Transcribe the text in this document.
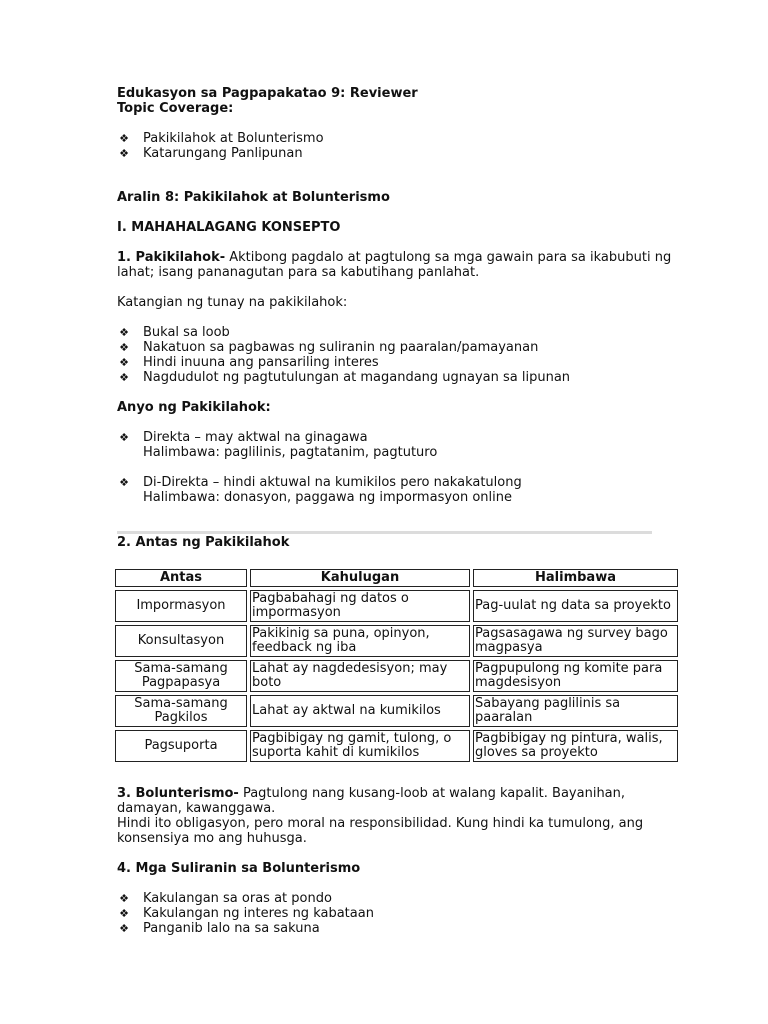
Edukasyon sa Pagpapakatao 9: Reviewer
Topic Coverage:
❖ Pakikilahok at Bolunterismo
❖ Katarungang Panlipunan
Aralin 8: Pakikilahok at Bolunterismo
I. MAHAHALAGANG KONSEPTO
1. Pakikilahok- Aktibong pagdalo at pagtulong sa mga gawain para sa ikabubuti ng
lahat; isang pananagutan para sa kabutihang panlahat.
Katangian ng tunay na pakikilahok:
❖ Bukal sa loob
❖ Nakatuon sa pagbawas ng suliranin ng paaralan/pamayanan
❖ Hindi inuuna ang pansariling interes
❖ Nagdudulot ng pagtutulungan at magandang ugnayan sa lipunan
Anyo ng Pakikilahok:
❖ Direkta – may aktwal na ginagawa
Halimbawa: paglilinis, pagtatanim, pagtuturo
❖ Di-Direkta – hindi aktuwal na kumikilos pero nakakatulong
Halimbawa: donasyon, paggawa ng impormasyon online
2. Antas ng Pakikilahok
Antas	Kahulugan	Halimbawa
Impormasyon	Pagbabahagi ng datos o impormasyon	Pag-uulat ng data sa proyekto
Konsultasyon	Pakikinig sa puna, opinyon, feedback ng iba	Pagsasagawa ng survey bago magpasya
Sama-samang Pagpapasya	Lahat ay nagdedesisyon; may boto	Pagpupulong ng komite para magdesisyon
Sama-samang Pagkilos	Lahat ay aktwal na kumikilos	Sabayang paglilinis sa paaralan
Pagsuporta	Pagbibigay ng gamit, tulong, o suporta kahit di kumikilos	Pagbibigay ng pintura, walis, gloves sa proyekto
3. Bolunterismo- Pagtulong nang kusang-loob at walang kapalit. Bayanihan,
damayan, kawanggawa.
Hindi ito obligasyon, pero moral na responsibilidad. Kung hindi ka tumulong, ang
konsensiya mo ang huhusga.
4. Mga Suliranin sa Bolunterismo
❖ Kakulangan sa oras at pondo
❖ Kakulangan ng interes ng kabataan
❖ Panganib lalo na sa sakuna
